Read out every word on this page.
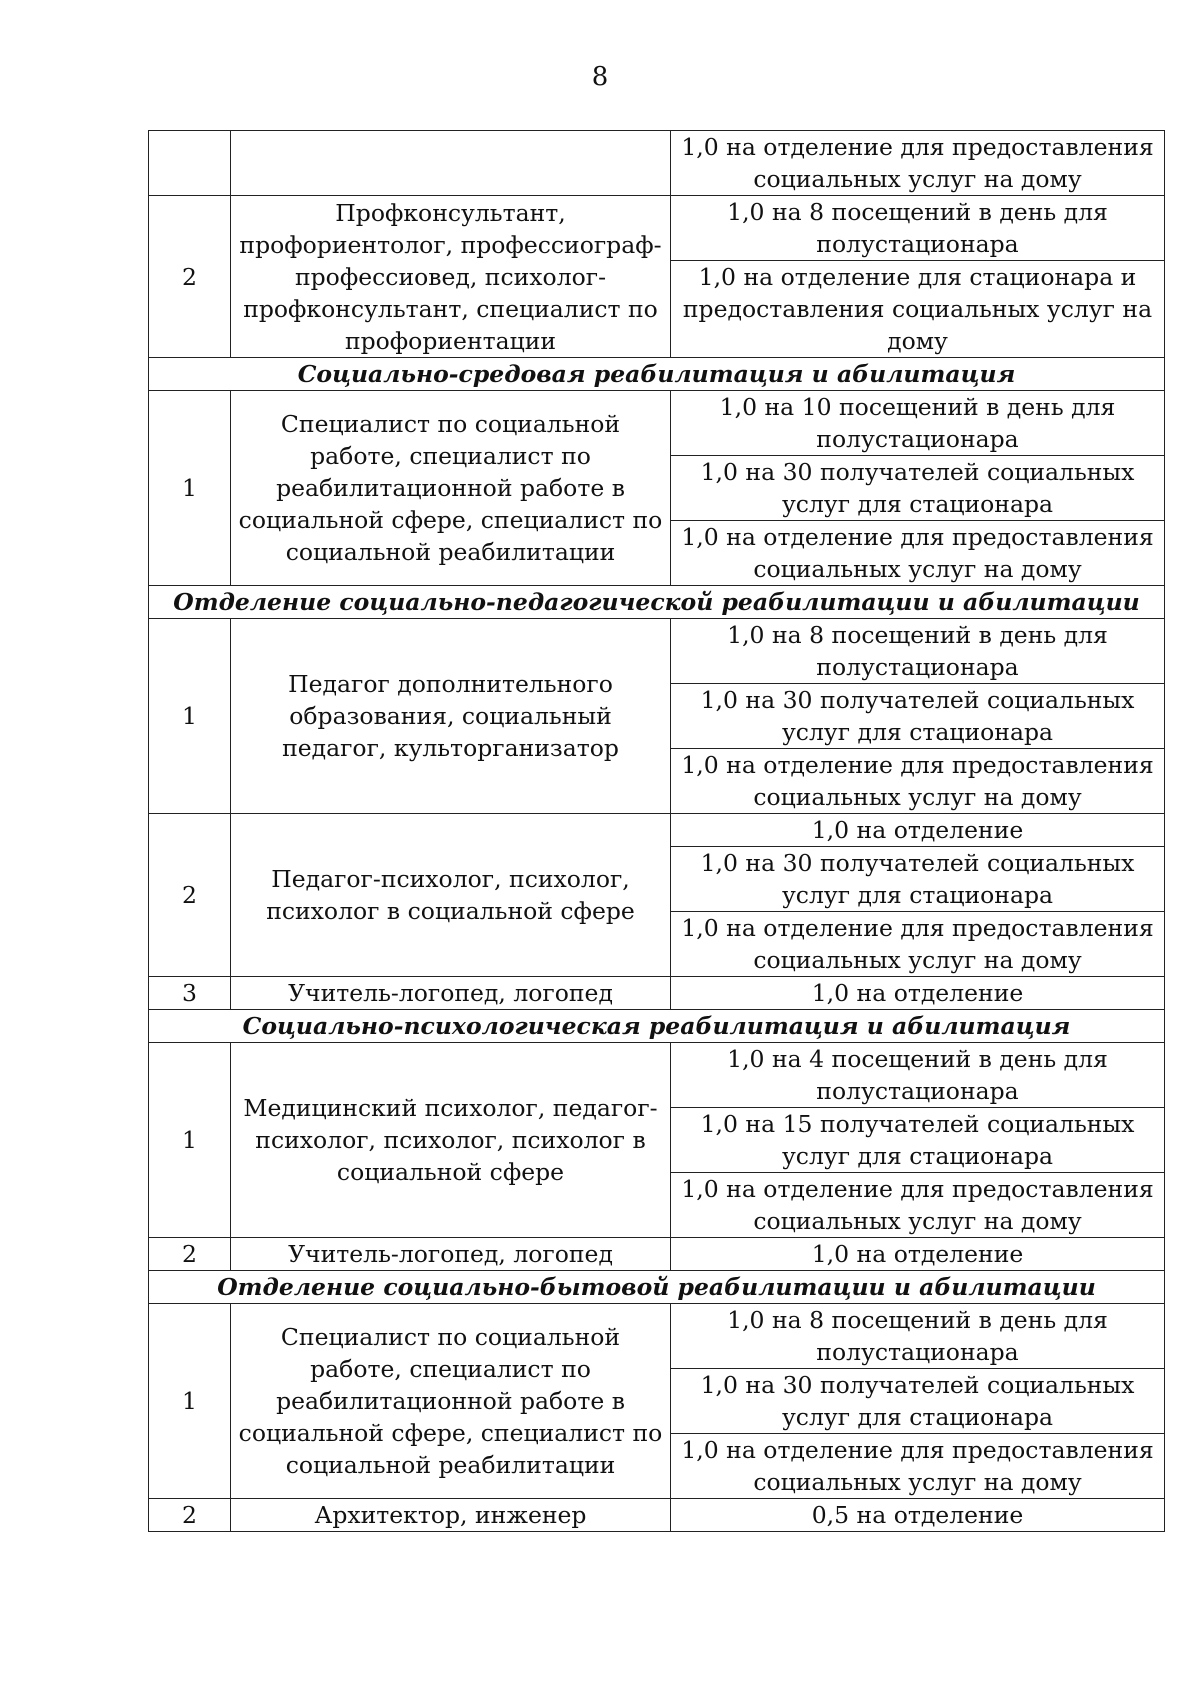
8
		1,0 на отделение для предоставления социальных услуг на дому
2	Профконсультант, профориентолог, профессиограф-профессиовед, психолог-профконсультант, специалист по профориентации	1,0 на 8 посещений в день для полустационара
		1,0 на отделение для стационара и предоставления социальных услуг на дому
Социально-средовая реабилитация и абилитация		
1	Специалист по социальной работе, специалист по реабилитационной работе в социальной сфере, специалист по социальной реабилитации	1,0 на 10 посещений в день для полустационара
		1,0 на 30 получателей социальных услуг для стационара
		1,0 на отделение для предоставления социальных услуг на дому
Отделение социально-педагогической реабилитации и абилитации		
1	Педагог дополнительного образования, социальный педагог, культорганизатор	1,0 на 8 посещений в день для полустационара
		1,0 на 30 получателей социальных услуг для стационара
		1,0 на отделение для предоставления социальных услуг на дому
2	Педагог-психолог, психолог, психолог в социальной сфере	1,0 на отделение
		1,0 на 30 получателей социальных услуг для стационара
		1,0 на отделение для предоставления социальных услуг на дому
3	Учитель-логопед, логопед	1,0 на отделение
Социально-психологическая реабилитация и абилитация		
1	Медицинский психолог, педагог-психолог, психолог, психолог в социальной сфере	1,0 на 4 посещений в день для полустационара
		1,0 на 15 получателей социальных услуг для стационара
		1,0 на отделение для предоставления социальных услуг на дому
2	Учитель-логопед, логопед	1,0 на отделение
Отделение социально-бытовой реабилитации и абилитации		
1	Специалист по социальной работе, специалист по реабилитационной работе в социальной сфере, специалист по социальной реабилитации	1,0 на 8 посещений в день для полустационара
		1,0 на 30 получателей социальных услуг для стационара
		1,0 на отделение для предоставления социальных услуг на дому
2	Архитектор, инженер	0,5 на отделение
